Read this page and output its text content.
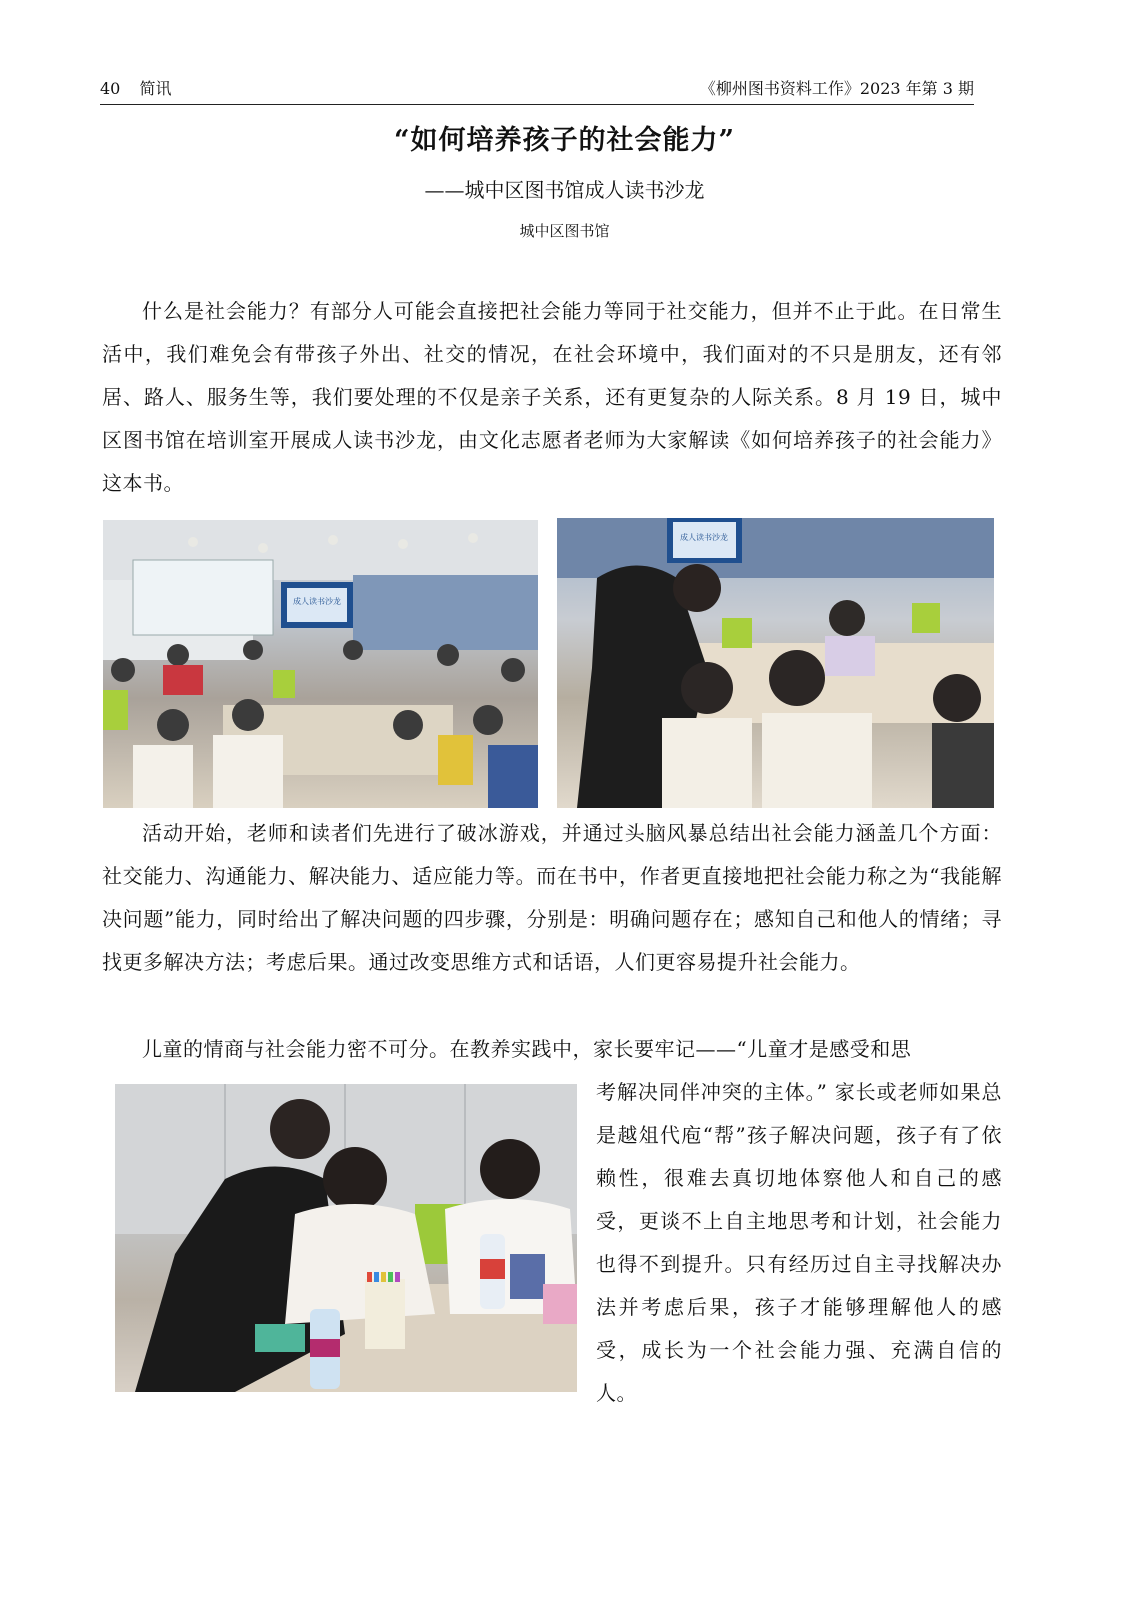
40 简讯	《柳州图书资料工作》2023 年第 3 期
“如何培养孩子的社会能力”
——城中区图书馆成人读书沙龙
城中区图书馆

什么是社会能力？有部分人可能会直接把社会能力等同于社交能力，但并不止于此。在日常生活中，我们难免会有带孩子外出、社交的情况，在社会环境中，我们面对的不只是朋友，还有邻居、路人、服务生等，我们要处理的不仅是亲子关系，还有更复杂的人际关系。8 月 19 日，城中区图书馆在培训室开展成人读书沙龙，由文化志愿者老师为大家解读《如何培养孩子的社会能力》这本书。

成人读书沙龙
成人读书沙龙

活动开始，老师和读者们先进行了破冰游戏，并通过头脑风暴总结出社会能力涵盖几个方面：社交能力、沟通能力、解决能力、适应能力等。而在书中，作者更直接地把社会能力称之为“我能解决问题”能力，同时给出了解决问题的四步骤，分别是：明确问题存在；感知自己和他人的情绪；寻找更多解决方法；考虑后果。通过改变思维方式和话语，人们更容易提升社会能力。

儿童的情商与社会能力密不可分。在教养实践中，家长要牢记——“儿童才是感受和思

考解决同伴冲突的主体。” 家长或老师如果总是越俎代庖“帮”孩子解决问题，孩子有了依赖性，很难去真切地体察他人和自己的感受，更谈不上自主地思考和计划，社会能力也得不到提升。只有经历过自主寻找解决办法并考虑后果，孩子才能够理解他人的感受，成长为一个社会能力强、充满自信的人。
